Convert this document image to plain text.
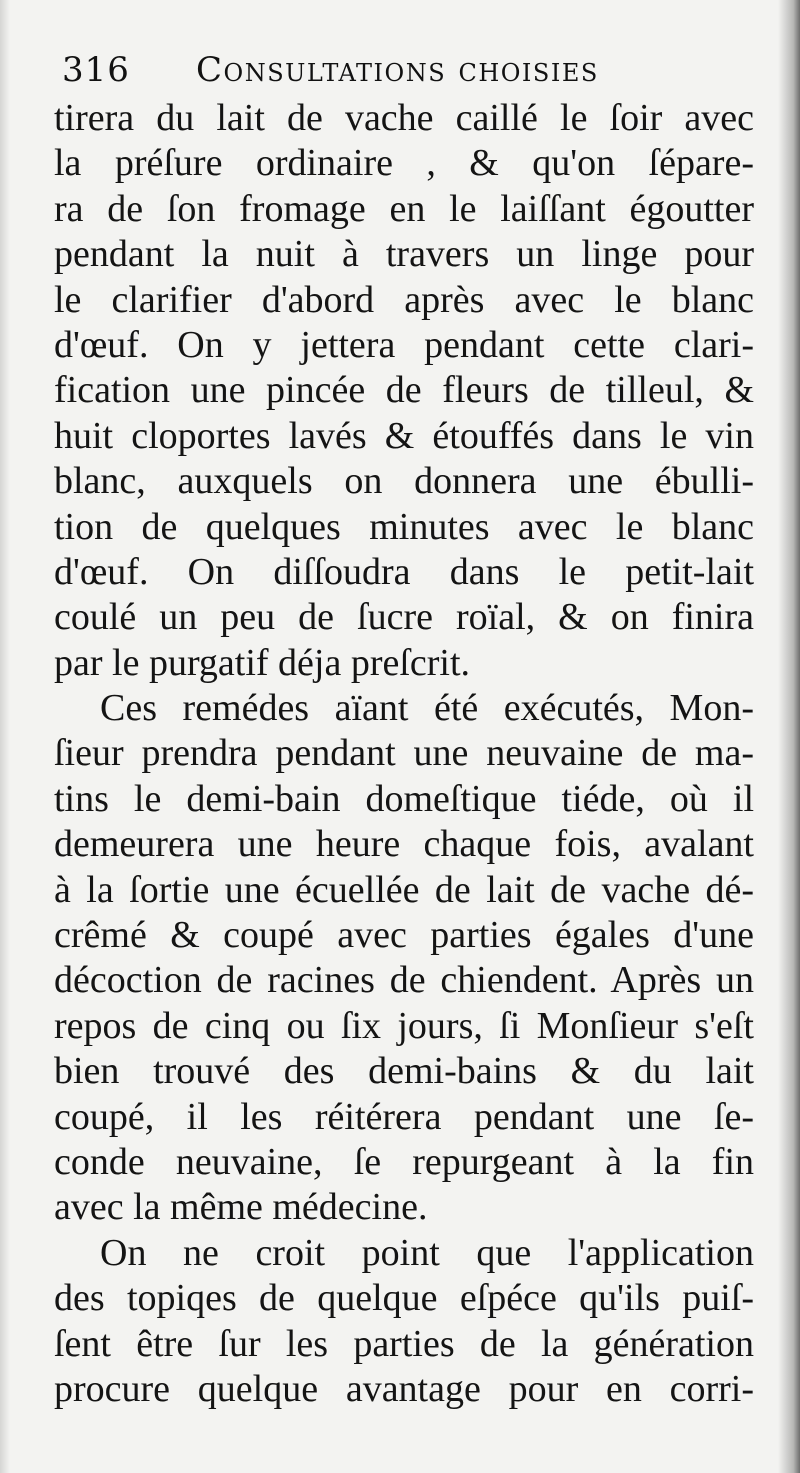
316 Consultations choisies
tirera du lait de vache caillé le ſoir avec
la préſure ordinaire , & qu'on ſépare-
ra de ſon fromage en le laiſſant égoutter
pendant la nuit à travers un linge pour
le clarifier d'abord après avec le blanc
d'œuf. On y jettera pendant cette clari-
fication une pincée de fleurs de tilleul, &
huit cloportes lavés & étouffés dans le vin
blanc, auxquels on donnera une ébulli-
tion de quelques minutes avec le blanc
d'œuf. On diſſoudra dans le petit-lait
coulé un peu de ſucre roïal, & on finira
par le purgatif déja preſcrit.
Ces remédes aïant été exécutés, Mon-
ſieur prendra pendant une neuvaine de ma-
tins le demi-bain domeſtique tiéde, où il
demeurera une heure chaque fois, avalant
à la ſortie une écuellée de lait de vache dé-
crêmé & coupé avec parties égales d'une
décoction de racines de chiendent. Après un
repos de cinq ou ſix jours, ſi Monſieur s'eſt
bien trouvé des demi-bains & du lait
coupé, il les réitérera pendant une ſe-
conde neuvaine, ſe repurgeant à la fin
avec la même médecine.
On ne croit point que l'application
des topiqes de quelque eſpéce qu'ils puiſ-
ſent être ſur les parties de la génération
procure quelque avantage pour en corri-
